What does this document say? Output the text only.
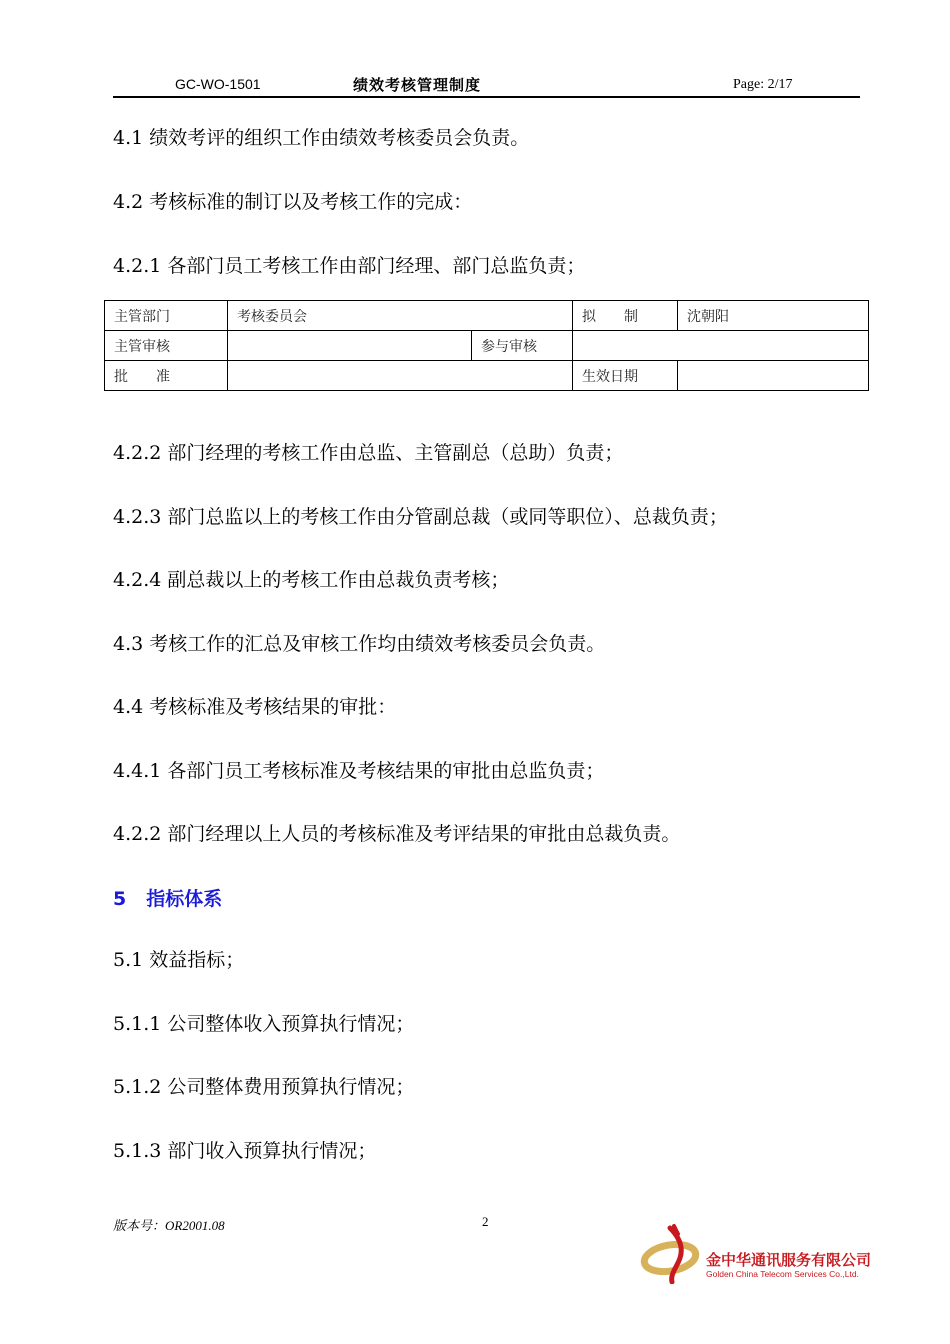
GC-WO-1501	绩效考核管理制度	Page: 2/17
4.1 绩效考评的组织工作由绩效考核委员会负责。
4.2 考核标准的制订以及考核工作的完成：
4.2.1 各部门员工考核工作由部门经理、部门总监负责；
主管部门	考核委员会		拟　　制	沈朝阳
主管审核		参与审核		
批　　准			生效日期	
4.2.2 部门经理的考核工作由总监、主管副总（总助）负责；
4.2.3 部门总监以上的考核工作由分管副总裁（或同等职位）、总裁负责；
4.2.4 副总裁以上的考核工作由总裁负责考核；
4.3 考核工作的汇总及审核工作均由绩效考核委员会负责。
4.4 考核标准及考核结果的审批：
4.4.1 各部门员工考核标准及考核结果的审批由总监负责；
4.2.2 部门经理以上人员的考核标准及考评结果的审批由总裁负责。
5 指标体系
5.1 效益指标；
5.1.1 公司整体收入预算执行情况；
5.1.2 公司整体费用预算执行情况；
5.1.3 部门收入预算执行情况；
版本号：OR2001.08	2
金中华通讯服务有限公司
Golden China Telecom Services Co.,Ltd.
